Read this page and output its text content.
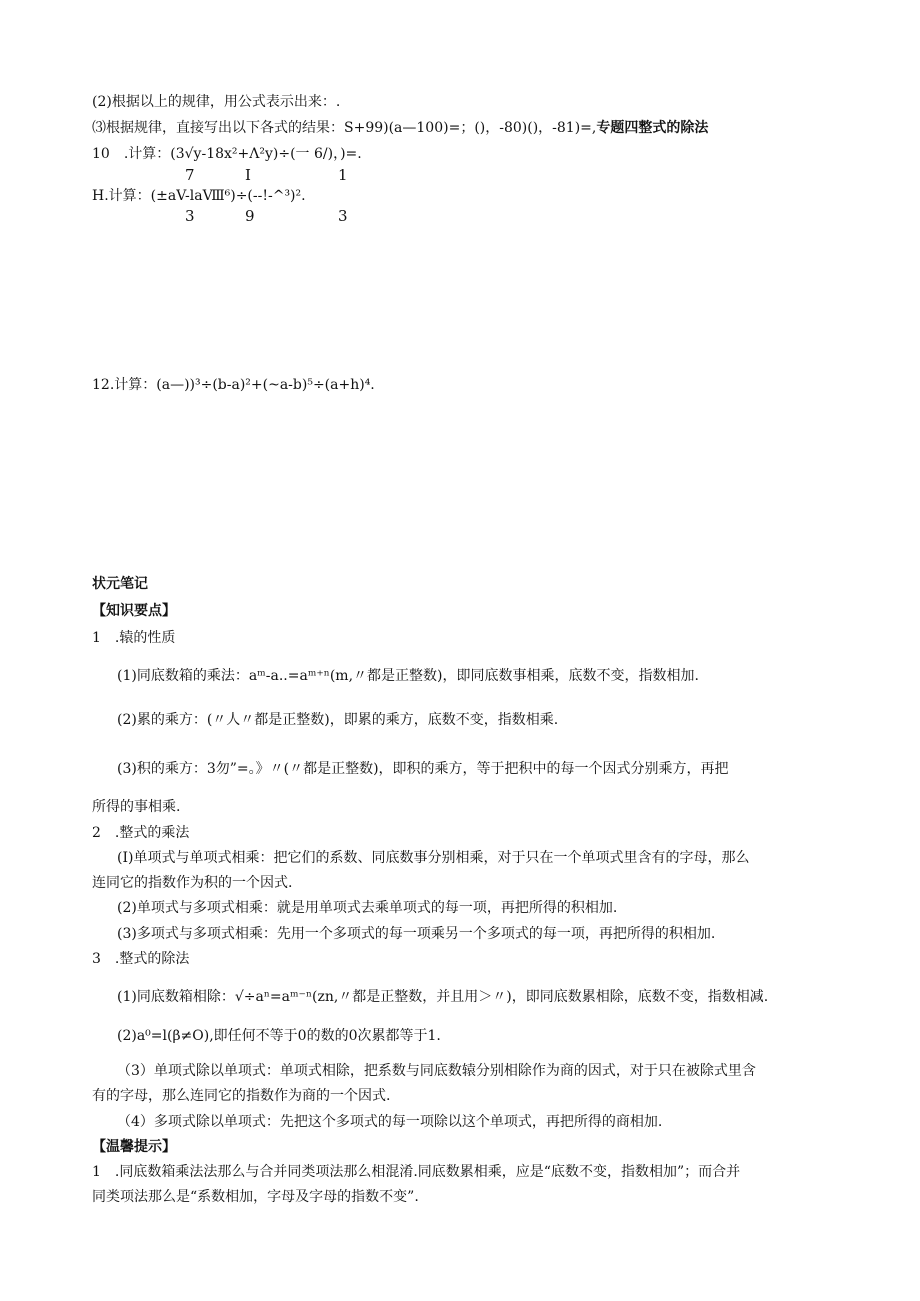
(2)根据以上的规律，用公式表示出来：.
⑶根据规律，直接写出以下各式的结果：S+99)(a—100)=；()，-80)()，-81)=,专题四整式的除法
10　.计算：(3√y-18x²+Λ²y)÷(一 6/)，)=.
7	I	1
H.计算：(±aV-laⅧ⁶)÷(--!-^³)².
3	9	3
12.计算：(a—))³÷(b-a)²+(~a-b)⁵÷(a+h)⁴.
状元笔记
【知识要点】
1　.辕的性质
(1)同底数箱的乘法：aᵐ-a..=aᵐ⁺ⁿ(m,〃都是正整数)，即同底数事相乘，底数不变，指数相加.
(2)累的乘方：(〃人〃都是正整数)，即累的乘方，底数不变，指数相乘.
(3)积的乘方：3勿”=。》〃(〃都是正整数)，即积的乘方，等于把积中的每一个因式分别乘方，再把
所得的事相乘.
2　.整式的乘法
(I)单项式与单项式相乘：把它们的系数、同底数事分别相乘，对于只在一个单项式里含有的字母，那么
连同它的指数作为积的一个因式.
(2)单项式与多项式相乘：就是用单项式去乘单项式的每一项，再把所得的积相加.
(3)多项式与多项式相乘：先用一个多项式的每一项乘另一个多项式的每一项，再把所得的积相加.
3　.整式的除法
(1)同底数箱相除：√÷aⁿ=aᵐ⁻ⁿ(zn,〃都是正整数，并且用＞〃)，即同底数累相除，底数不变，指数相减.
(2)a⁰=l(β≠O),即任何不等于0的数的0次累都等于1.
（3）单项式除以单项式：单项式相除，把系数与同底数辕分别相除作为商的因式，对于只在被除式里含
有的字母，那么连同它的指数作为商的一个因式.
（4）多项式除以单项式：先把这个多项式的每一项除以这个单项式，再把所得的商相加.
【温馨提示】
1　.同底数箱乘法法那么与合并同类项法那么相混淆.同底数累相乘，应是“底数不变，指数相加”；而合并
同类项法那么是“系数相加，字母及字母的指数不变”.
